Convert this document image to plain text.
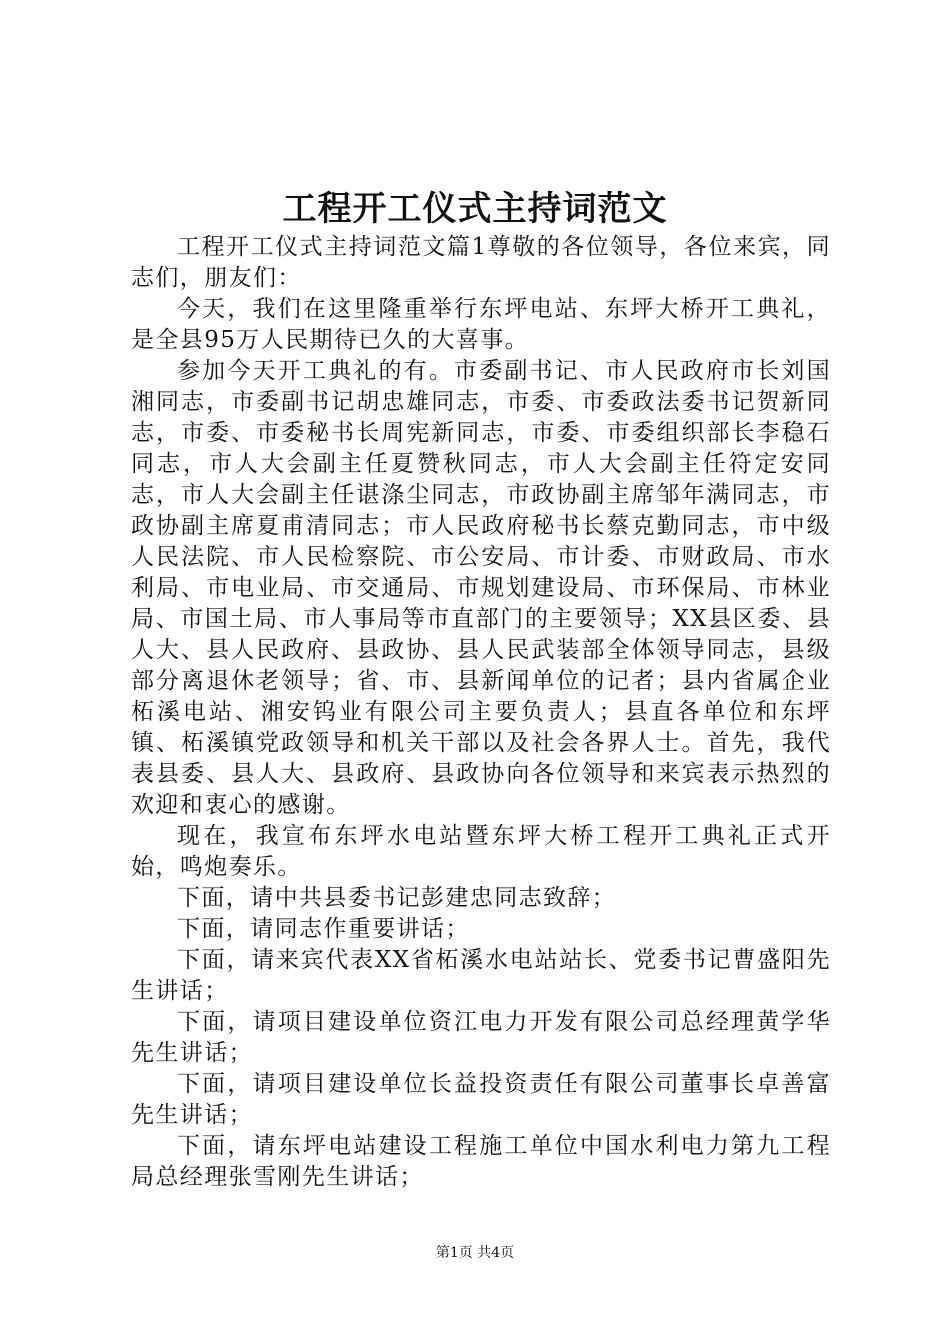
工程开工仪式主持词范文

工程开工仪式主持词范文篇1尊敬的各位领导，各位来宾，同志们，朋友们：

今天，我们在这里隆重举行东坪电站、东坪大桥开工典礼，是全县95万人民期待已久的大喜事。

参加今天开工典礼的有。市委副书记、市人民政府市长刘国湘同志，市委副书记胡忠雄同志，市委、市委政法委书记贺新同志，市委、市委秘书长周宪新同志，市委、市委组织部长李稳石同志，市人大会副主任夏赞秋同志，市人大会副主任符定安同志，市人大会副主任谌涤尘同志，市政协副主席邹年满同志，市政协副主席夏甫清同志；市人民政府秘书长蔡克勤同志，市中级人民法院、市人民检察院、市公安局、市计委、市财政局、市水利局、市电业局、市交通局、市规划建设局、市环保局、市林业局、市国土局、市人事局等市直部门的主要领导；XX县区委、县人大、县人民政府、县政协、县人民武装部全体领导同志，县级部分离退休老领导；省、市、县新闻单位的记者；县内省属企业柘溪电站、湘安钨业有限公司主要负责人；县直各单位和东坪镇、柘溪镇党政领导和机关干部以及社会各界人士。首先，我代表县委、县人大、县政府、县政协向各位领导和来宾表示热烈的欢迎和衷心的感谢。

现在，我宣布东坪水电站暨东坪大桥工程开工典礼正式开始，鸣炮奏乐。

下面，请中共县委书记彭建忠同志致辞；

下面，请同志作重要讲话；

下面，请来宾代表XX省柘溪水电站站长、党委书记曹盛阳先生讲话；

下面，请项目建设单位资江电力开发有限公司总经理黄学华先生讲话；

下面，请项目建设单位长益投资责任有限公司董事长卓善富先生讲话；

下面，请东坪电站建设工程施工单位中国水利电力第九工程局总经理张雪刚先生讲话；

第1页 共4页
